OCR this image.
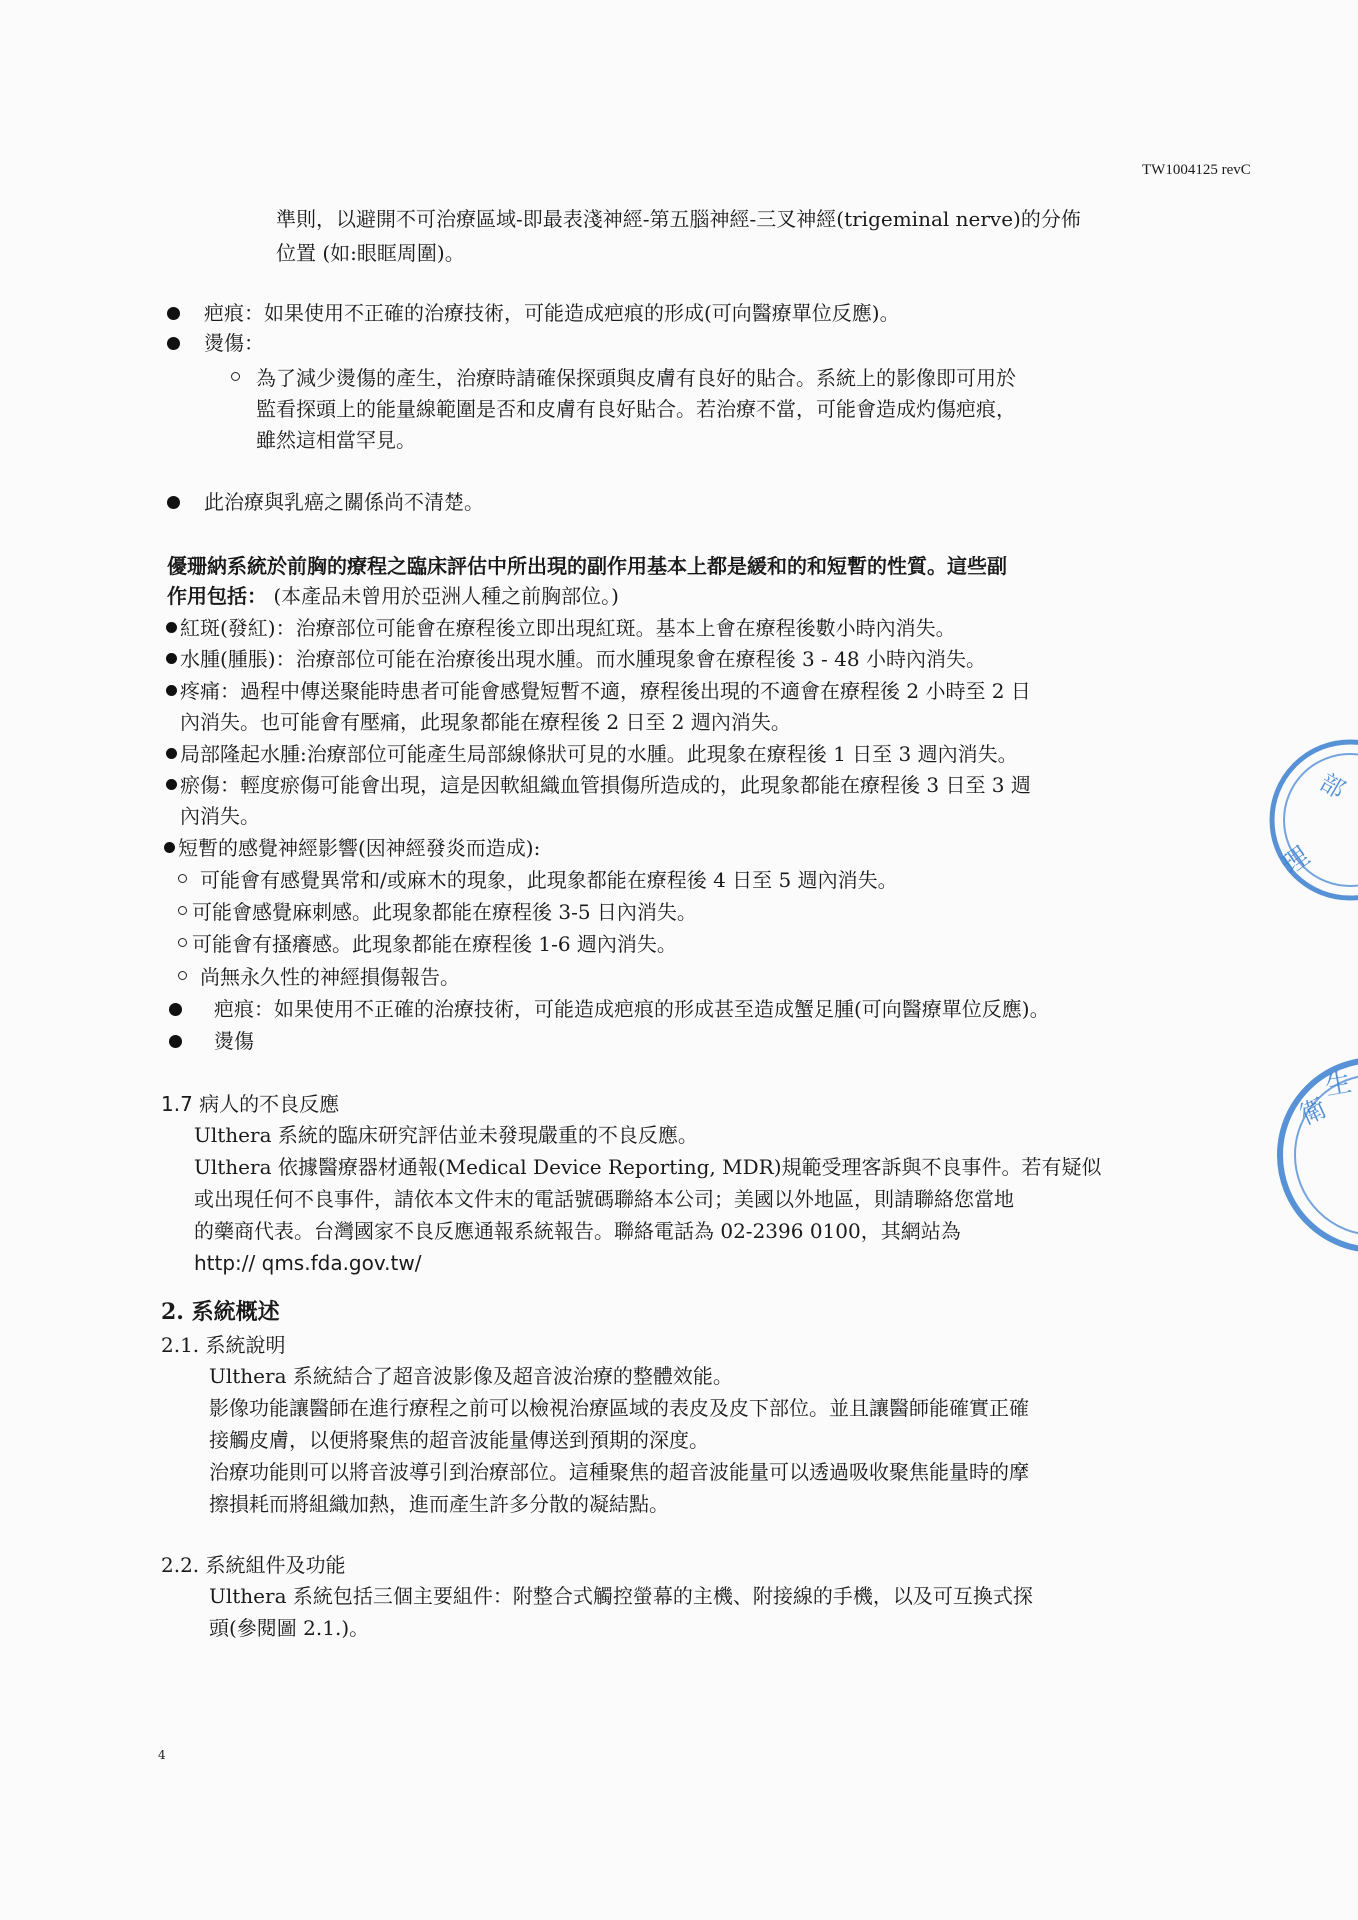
TW1004125 revC
準則，以避開不可治療區域-即最表淺神經-第五腦神經-三叉神經(trigeminal nerve)的分佈
位置 (如:眼眶周圍)。
疤痕：如果使用不正確的治療技術，可能造成疤痕的形成(可向醫療單位反應)。
燙傷：
為了減少燙傷的產生，治療時請確保探頭與皮膚有良好的貼合。系統上的影像即可用於
監看探頭上的能量線範圍是否和皮膚有良好貼合。若治療不當，可能會造成灼傷疤痕，
雖然這相當罕見。
此治療與乳癌之關係尚不清楚。
優珊納系統於前胸的療程之臨床評估中所出現的副作用基本上都是緩和的和短暫的性質。這些副
作用包括： (本產品未曾用於亞洲人種之前胸部位。)
紅斑(發紅)：治療部位可能會在療程後立即出現紅斑。基本上會在療程後數小時內消失。
水腫(腫脹)：治療部位可能在治療後出現水腫。而水腫現象會在療程後 3 - 48 小時內消失。
疼痛：過程中傳送聚能時患者可能會感覺短暫不適，療程後出現的不適會在療程後 2 小時至 2 日
內消失。也可能會有壓痛，此現象都能在療程後 2 日至 2 週內消失。
局部隆起水腫:治療部位可能產生局部線條狀可見的水腫。此現象在療程後 1 日至 3 週內消失。
瘀傷：輕度瘀傷可能會出現，這是因軟組織血管損傷所造成的，此現象都能在療程後 3 日至 3 週
內消失。
短暫的感覺神經影響(因神經發炎而造成):
可能會有感覺異常和/或麻木的現象，此現象都能在療程後 4 日至 5 週內消失。
可能會感覺麻刺感。此現象都能在療程後 3-5 日內消失。
可能會有搔癢感。此現象都能在療程後 1-6 週內消失。
尚無永久性的神經損傷報告。
疤痕：如果使用不正確的治療技術，可能造成疤痕的形成甚至造成蟹足腫(可向醫療單位反應)。
燙傷
1.7 病人的不良反應
Ulthera 系統的臨床研究評估並未發現嚴重的不良反應。
Ulthera 依據醫療器材通報(Medical Device Reporting, MDR)規範受理客訴與不良事件。若有疑似
或出現任何不良事件，請依本文件末的電話號碼聯絡本公司；美國以外地區，則請聯絡您當地
的藥商代表。台灣國家不良反應通報系統報告。聯絡電話為 02-2396 0100，其網站為
http:// qms.fda.gov.tw/
2. 系統概述
2.1. 系統說明
Ulthera 系統結合了超音波影像及超音波治療的整體效能。
影像功能讓醫師在進行療程之前可以檢視治療區域的表皮及皮下部位。並且讓醫師能確實正確
接觸皮膚，以便將聚焦的超音波能量傳送到預期的深度。
治療功能則可以將音波導引到治療部位。這種聚焦的超音波能量可以透過吸收聚焦能量時的摩
擦損耗而將組織加熱，進而產生許多分散的凝結點。
2.2. 系統組件及功能
Ulthera 系統包括三個主要組件：附整合式觸控螢幕的主機、附接線的手機，以及可互換式探
頭(參閱圖 2.1.)。
4
理
部
衛
生
